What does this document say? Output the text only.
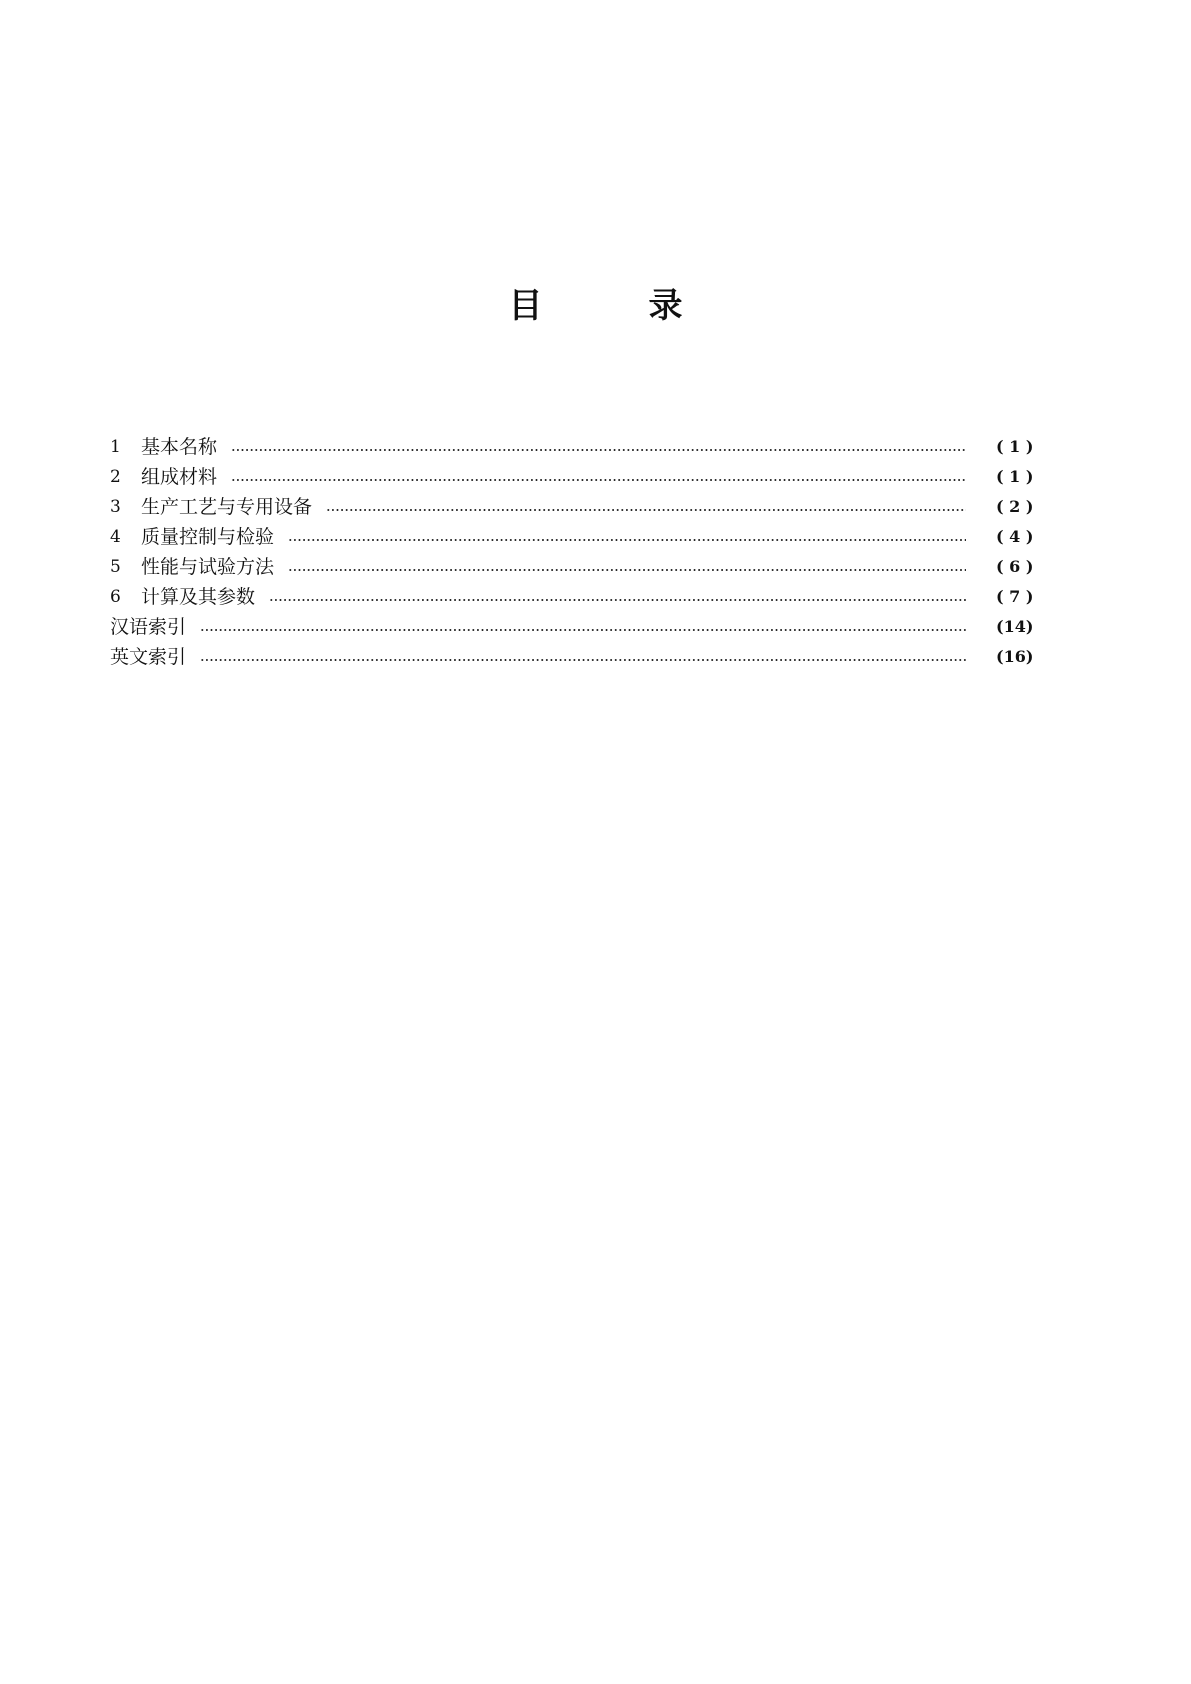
目	录
1	基本名称	( 1 )
2	组成材料	( 1 )
3	生产工艺与专用设备	( 2 )
4	质量控制与检验	( 4 )
5	性能与试验方法	( 6 )
6	计算及其参数	( 7 )
汉语索引	(14)
英文索引	(16)
